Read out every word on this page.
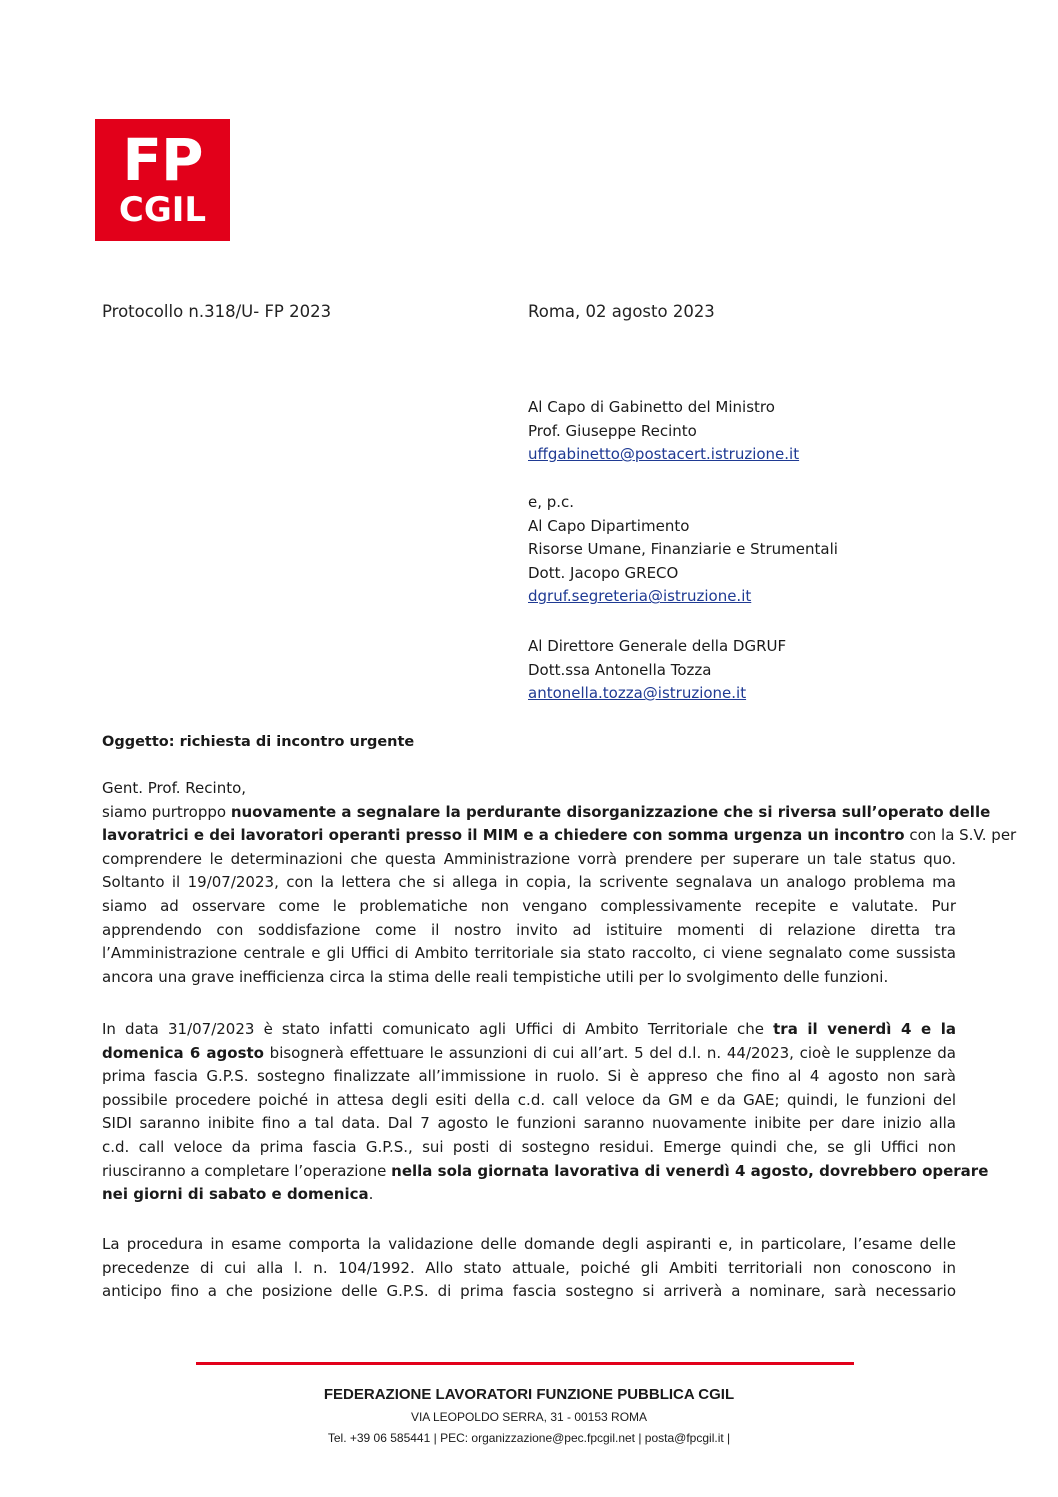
FP
CGIL
Protocollo n.318/U- FP 2023	Roma, 02 agosto 2023
Al Capo di Gabinetto del Ministro
Prof. Giuseppe Recinto
uffgabinetto@postacert.istruzione.it
e, p.c.
Al Capo Dipartimento
Risorse Umane, Finanziarie e Strumentali
Dott. Jacopo GRECO
dgruf.segreteria@istruzione.it
Al Direttore Generale della DGRUF
Dott.ssa Antonella Tozza
antonella.tozza@istruzione.it
Oggetto: richiesta di incontro urgente
Gent. Prof. Recinto,

siamo purtroppo nuovamente a segnalare la perdurante disorganizzazione che si riversa sull’operato delle
lavoratrici e dei lavoratori operanti presso il MIM e a chiedere con somma urgenza un incontro con la S.V. per
comprendere le determinazioni che questa Amministrazione vorrà prendere per superare un tale status quo.
Soltanto il 19/07/2023, con la lettera che si allega in copia, la scrivente segnalava un analogo problema ma
siamo ad osservare come le problematiche non vengano complessivamente recepite e valutate. Pur
apprendendo con soddisfazione come il nostro invito ad istituire momenti di relazione diretta tra
l’Amministrazione centrale e gli Uffici di Ambito territoriale sia stato raccolto, ci viene segnalato come sussista
ancora una grave inefficienza circa la stima delle reali tempistiche utili per lo svolgimento delle funzioni.

In data 31/07/2023 è stato infatti comunicato agli Uffici di Ambito Territoriale che tra il venerdì 4 e la
domenica 6 agosto bisognerà effettuare le assunzioni di cui all’art. 5 del d.l. n. 44/2023, cioè le supplenze da
prima fascia G.P.S. sostegno finalizzate all’immissione in ruolo. Si è appreso che fino al 4 agosto non sarà
possibile procedere poiché in attesa degli esiti della c.d. call veloce da GM e da GAE; quindi, le funzioni del
SIDI saranno inibite fino a tal data. Dal 7 agosto le funzioni saranno nuovamente inibite per dare inizio alla
c.d. call veloce da prima fascia G.P.S., sui posti di sostegno residui. Emerge quindi che, se gli Uffici non
riusciranno a completare l’operazione nella sola giornata lavorativa di venerdì 4 agosto, dovrebbero operare
nei giorni di sabato e domenica.

La procedura in esame comporta la validazione delle domande degli aspiranti e, in particolare, l’esame delle
precedenze di cui alla l. n. 104/1992. Allo stato attuale, poiché gli Ambiti territoriali non conoscono in
anticipo fino a che posizione delle G.P.S. di prima fascia sostegno si arriverà a nominare, sarà necessario

FEDERAZIONE LAVORATORI FUNZIONE PUBBLICA CGIL
VIA LEOPOLDO SERRA, 31 - 00153 ROMA
Tel. +39 06 585441 | PEC: organizzazione@pec.fpcgil.net | posta@fpcgil.it |
